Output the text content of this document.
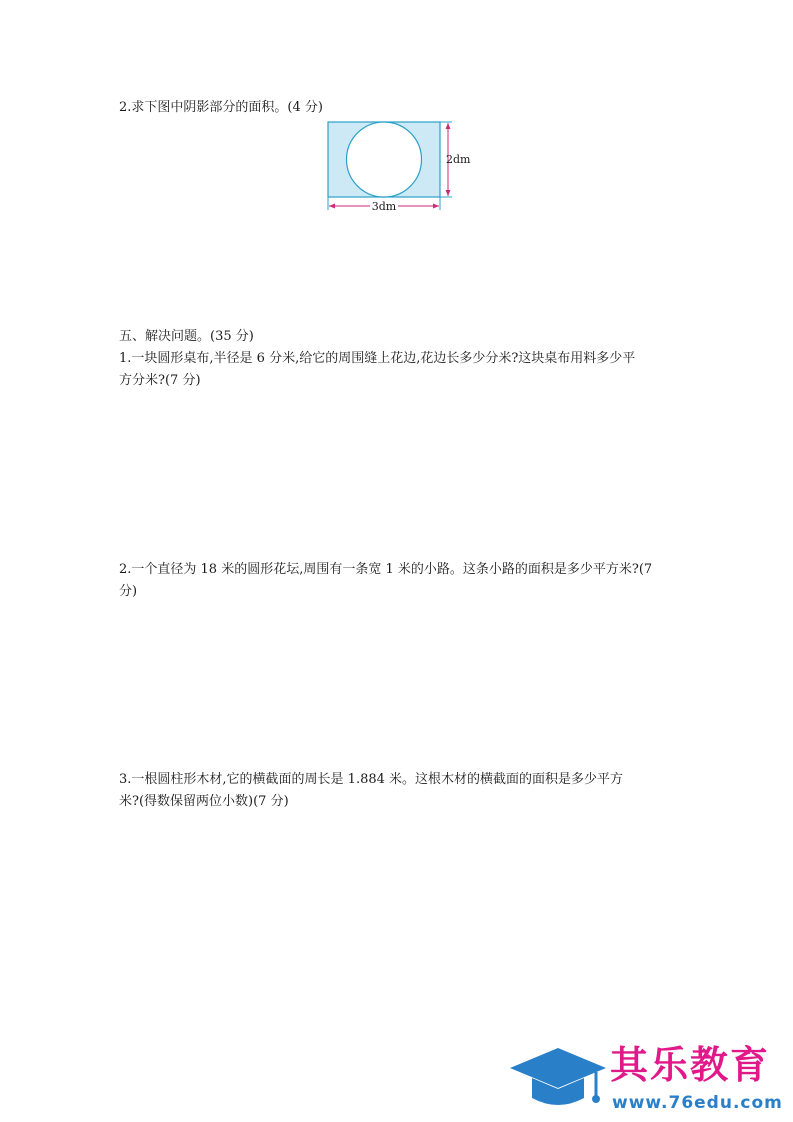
2.求下图中阴影部分的面积。(4 分)
3dm
2dm
五、解决问题。(35 分)
1.一块圆形桌布,半径是 6 分米,给它的周围缝上花边,花边长多少分米?这块桌布用料多少平
方分米?(7 分)
2.一个直径为 18 米的圆形花坛,周围有一条宽 1 米的小路。这条小路的面积是多少平方米?(7
分)
3.一根圆柱形木材,它的横截面的周长是 1.884 米。这根木材的横截面的面积是多少平方
米?(得数保留两位小数)(7 分)
其乐教育
www.76edu.com
